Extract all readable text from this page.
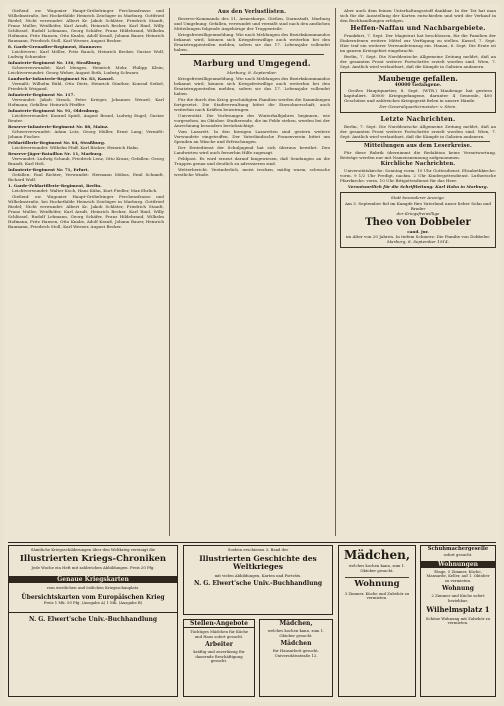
Gießenf. ow. Wagonier Haupt-Gröbelringer Ferchensfrasse und Wilhelmstraße, bei Hockethilde Heinrich Zeichiger in Marburg. Gottfried Riedel; Nicht verwundet: Albert Kr. Jakob Schläter, Friedrich Staudt, Franz Muller, Weidhöfer, Karl Arndt, Heinrich Becker, Karl Rind, Willy Schlüssel, Rudolf Lehmann, Georg Schäfer, Franz Hildebrand, Wilhelm Hofmann, Fritz Hansen, Otto Knabe, Adolf Krauß, Johann Bauer, Heinrich Baumann, Friedrich Stoll, Karl Werner, August Becker.

8. Garde-Grenadier-Regiment, Hannover.

Leichtverw.: Karl Möller, Fritz Rauch, Heinrich Becker, Gustav Wolf, Ludwig Schneider.

Infanterie-Regiment Nr. 136, Straßburg.

Schwerverwundet: Karl Menges, Heinrich Mohr, Philipp Klein; Leichtverwundet: Georg Weber, August Roth, Ludwig Schwarz.

Landwehr-Infanterie-Regiment Nr. 83, Kassel.

Vermißt: Wilhelm Rühl, Otto Dietz, Heinrich Günther, Konrad Seibel, Friedrich Weigand.

Infanterie-Regiment Nr. 117.

Verwundet: Jakob Strack, Peter Krieger, Johannes Wenzel, Karl Hofmann; Gefallen: Heinrich Pfeiffer.

Infanterie-Regiment Nr. 91, Oldenburg.

Leichtverwundet: Konrad Spieß, August Brand, Ludwig Engel, Gustav Reuter.

Reserve-Infanterie-Regiment Nr. 88, Mainz.

Schwerverwundet: Adam Lotz, Georg Müller, Ernst Lang; Vermißt: Johann Fischer.

Feldartillerie-Regiment Nr. 84, Straßburg.

Leichtverwundet: Wilhelm Pfaff, Karl Bäcker, Heinrich Hahn.

Reserve-Jäger-Bataillon Nr. 11, Marburg.

Verwundet: Ludwig Schaub, Friedrich Lenz, Otto Kranz; Gefallen: Georg Brandt, Karl Heß.

Infanterie-Regiment Nr. 71, Erfurt.

Gefallen: Paul Richter; Verwundet: Hermann Möbus, Emil Schmidt, Richard Wolf.

1. Garde-Feldartillerie-Regiment, Berlin.

Leichtverwundet: Walter Koch, Hans Kühn, Kurt Fiedler, Max Ehrlich.

Gießenf. ow. Wagonier Haupt-Gröbelringer Ferchensfrasse und Wilhelmstraße, bei Hockethilde Heinrich Zeichiger in Marburg. Gottfried Riedel; Nicht verwundet: Albert Kr. Jakob Schläter, Friedrich Staudt, Franz Muller, Weidhöfer, Karl Arndt, Heinrich Becker, Karl Rind, Willy Schlüssel, Rudolf Lehmann, Georg Schäfer, Franz Hildebrand, Wilhelm Hofmann, Fritz Hansen, Otto Knabe, Adolf Krauß, Johann Bauer, Heinrich Baumann, Friedrich Stoll, Karl Werner, August Becker.

Aus den Verlustlisten.

Reserve-Kommando des 11. Armeekorps. Gießen, Darmstadt, Marburg und Umgebung: Gefallen, verwundet und vermißt sind nach den amtlichen Mitteilungen folgende Angehörige der Truppenteile.

Kriegsfreiwilligenmeldung. Wie nach Meldungen des Bezirkskommandos bekannt wird, können sich Kriegsfreiwillige auch weiterhin bei den Ersatztruppenteilen melden, sofern sie das 17. Lebensjahr vollendet haben.

Marburg und Umgegend.
Marburg, 8. September.

Kriegsfreiwilligenmeldung. Wie nach Meldungen des Bezirkskommandos bekannt wird, können sich Kriegsfreiwillige auch weiterhin bei den Ersatztruppenteilen melden, sofern sie das 17. Lebensjahr vollendet haben.

Für die durch den Krieg geschädigten Familien werden die Sammlungen fortgesetzt. Die Stadtverwaltung bittet die Einwohnerschaft, auch weiterhin nach Kräften beizutragen.

Universität. Die Vorlesungen des Winterhalbjahres beginnen, wie vorgesehen, im Oktober. Studierende, die im Felde stehen, werden bei der Anrechnung besonders berücksichtigt.

Vom Lazarett. In den hiesigen Lazaretten sind gestern weitere Verwundete eingetroffen. Der Vaterländische Frauenverein bittet um Spenden an Wäsche und Erfrischungen.

Der Erntedienst der Schuljugend hat sich überaus bewährt. Den Landwirten wird auch fernerhin Hilfe zugesagt.

Feldpost. Es wird erneut darauf hingewiesen, daß Sendungen an die Truppen genau und deutlich zu adressieren sind.

Wetterbericht. Veränderlich, meist trocken, mäßig warm, schwache westliche Winde.

Aber auch dem feinen Unterhaltungsstoff dankbar. In der Tat hat man sich für die Ausstellung der Karten entschieden und wird der Verkauf in den Buchhandlungen erfolgen.

Heffen-Naffau und Nachbargebiete.

Frankfurt, 7. Sept. Der Magistrat hat beschlossen, für die Familien der Einberufenen weitere Mittel zur Verfügung zu stellen. Kassel, 7. Sept. Hier traf ein weiterer Verwundetenzug ein. Hanau, 6. Sept. Die Ernte ist im ganzen Kreisgebiet eingebracht.

Berlin, 7. Sept. Die Norddeutsche Allgemeine Zeitung meldet, daß an der gesamten Front weitere Fortschritte erzielt worden sind. Wien, 7. Sept. Amtlich wird verlautbart, daß die Kämpfe in Galizien andauern.

Maubeuge gefallen.
40000 Gefangene.

Großes Hauptquartier, 8. Sept. (WTB.) Maubeuge hat gestern kapituliert. 40000 Kriegsgefangene, darunter 4 Generale, 400 Geschütze und zahlreiches Kriegsgerät fielen in unsere Hände.

Der Generalquartiermeister: v. Stein.
Letzte Nachrichten.

Berlin, 7. Sept. Die Norddeutsche Allgemeine Zeitung meldet, daß an der gesamten Front weitere Fortschritte erzielt worden sind. Wien, 7. Sept. Amtlich wird verlautbart, daß die Kämpfe in Galizien andauern.

Mitteilungen aus dem Leserkreise.

Für diese Rubrik übernimmt die Redaktion keine Verantwortung. Beiträge werden nur mit Namensnennung aufgenommen.

Kirchliche Nachrichten.

Universitätskirche: Sonntag vorm. 10 Uhr Gottesdienst. Elisabethkirche: vorm. 9 1/2 Uhr Predigt, nachm. 2 Uhr Kindergottesdienst. Lutherische Pfarrkirche: vorm. 10 Uhr Bittgottesdienst für das Heer.

Verantwortlich für die Schriftleitung: Karl Hahn in Marburg.
Statt besonderer Anzeige.

Am 3. September fiel im Kampfe fürs Vaterland unser lieber Sohn und Bruder

der Kriegsfreiwillige
Theo von Dobbeler
cand. jur.

im Alter von 20 Jahren. In tiefem Schmerz: Die Familie von Dobbeler.

Marburg, 8. September 1914.
Sämtliche Kriegsschilderungen über den Weltkrieg vereinigt die
Illustrierten Kriegs-Chroniken
Jede Woche ein Heft mit zahlreichen Abbildungen. Preis 20 Pfg.
Genaue Kriegskarten
vom westlichen und östlichen Kriegsschauplatz.
Übersichtskarten vom Europäischen Krieg
Preis 1 Mk. 50 Pfg. (Ausgabe A) 1 Mk. (Ausgabe B)
N. G. Elwert'sche Univ.-Buchhandlung
Soeben erschienen 3. Band der
Illustrierten Geschichte des Weltkrieges
mit vielen Abbildungen, Karten und Porträts.
N. G. Elwert'sche Univ.-Buchhandlung
Stellen-Angebote
Tüchtiges Mädchen für Küche und Haus sofort gesucht.
Arbeiter
kräftig und zuverlässig für dauernde Beschäftigung gesucht.
Mädchen,
welches kochen kann, zum 1. Oktober gesucht.
Mädchen
für Hausarbeit gesucht. Universitätsstraße 12.
Mädchen,
welches kochen kann, zum 1. Oktober gesucht.
Wohnung
3 Zimmer, Küche und Zubehör zu vermieten.
Schuhmachergeselle
sofort gesucht.
Wohnungen
Etage, 5 Zimmer, Küche, Mansarde, Keller, auf 1. Oktober zu vermieten.
Wohnung
2 Zimmer und Küche sofort beziehbar.
Wilhelmsplatz 1
Schöne Wohnung mit Zubehör zu vermieten.
